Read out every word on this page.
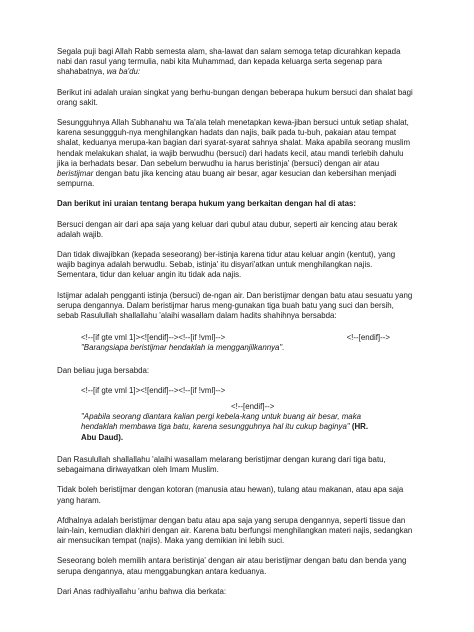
Segala puji bagi Allah Rabb semesta alam, sha-lawat dan salam semoga tetap dicurahkan kepada
nabi dan rasul yang termulia, nabi kita Muhammad, dan kepada keluarga serta segenap para
shahabatnya, wa ba'du:

Berikut ini adalah uraian singkat yang berhu-bungan dengan beberapa hukum bersuci dan shalat bagi
orang sakit.

Sesungguhnya Allah Subhanahu wa Ta'ala telah menetapkan kewa-jiban bersuci untuk setiap shalat,
karena sesunggguh-nya menghilangkan hadats dan najis, baik pada tu-buh, pakaian atau tempat
shalat, keduanya merupa-kan bagian dari syarat-syarat sahnya shalat. Maka apabila seorang muslim
hendak melakukan shalat, ia wajib berwudhu (bersuci) dari hadats kecil, atau mandi terlebih dahulu
jika ia berhadats besar. Dan sebelum berwudhu ia harus beristinja' (bersuci) dengan air atau
beristijmar dengan batu jika kencing atau buang air besar, agar kesucian dan kebersihan menjadi
sempurna.

Dan berikut ini uraian tentang berapa hukum yang berkaitan dengan hal di atas:

Bersuci dengan air dari apa saja yang keluar dari qubul atau dubur, seperti air kencing atau berak
adalah wajib.

Dan tidak diwajibkan (kepada seseorang) ber-istinja karena tidur atau keluar angin (kentut), yang
wajib baginya adalah berwudlu. Sebab, istinja' itu disyari'atkan untuk menghilangkan najis.
Sementara, tidur dan keluar angin itu tidak ada najis.

Istijmar adalah pengganti istinja (bersuci) de-ngan air. Dan beristijmar dengan batu atau sesuatu yang
serupa dengannya. Dalam beristijmar harus meng-gunakan tiga buah batu yang suci dan bersih,
sebab Rasulullah shallallahu 'alaihi wasallam dalam hadits shahihnya bersabda:

<!--[if gte vml 1]><![endif]--><!--[if !vml]-->	<!--[endif]-->
"Barangsiapa beristijmar hendaklah ia mengganjilkannya".

Dan beliau juga bersabda:

<!--[if gte vml 1]><![endif]--><!--[if !vml]-->
<!--[endif]-->
"Apabila seorang diantara kalian pergi kebela-kang untuk buang air besar, maka
hendaklah membawa tiga batu, karena sesungguhnya hal itu cukup baginya" (HR.
Abu Daud).

Dan Rasulullah shallallahu 'alaihi wasallam melarang beristijmar dengan kurang dari tiga batu,
sebagaimana diriwayatkan oleh Imam Muslim.

Tidak boleh beristijmar dengan kotoran (manusia atau hewan), tulang atau makanan, atau apa saja
yang haram.

Afdhalnya adalah beristijmar dengan batu atau apa saja yang serupa dengannya, seperti tissue dan
lain-lain, kemudian dlakhiri dengan air. Karena batu berfungsi menghilangkan materi najis, sedangkan
air mensucikan tempat (najis). Maka yang demikian ini lebih suci.

Seseorang boleh memilih antara beristinja' dengan air atau beristijmar dengan batu dan benda yang
serupa dengannya, atau menggabungkan antara keduanya.

Dari Anas radhiyallahu 'anhu bahwa dia berkata:
